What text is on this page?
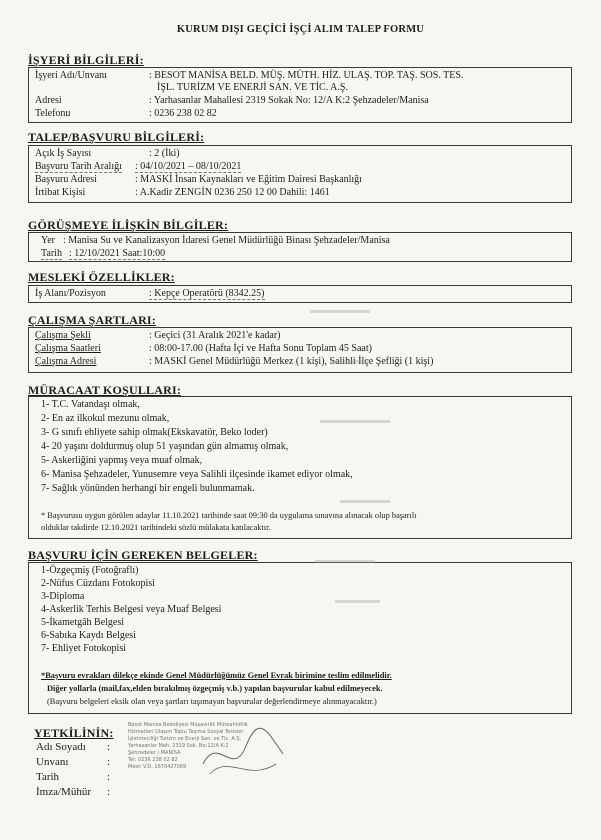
KURUM DIŞI GEÇİCİ İŞÇİ ALIM TALEP FORMU
İŞYERİ BİLGİLERİ:
İşyeri Adı/Unvanı	: BESOT MANİSA BELD. MÜŞ. MÜTH. HİZ. ULAŞ. TOP. TAŞ. SOS. TES.
İŞL. TURİZM VE ENERJİ SAN. VE TİC. A.Ş.
Adresi	: Yarhasanlar Mahallesi 2319 Sokak No: 12/A K:2 Şehzadeler/Manisa
Telefonu	: 0236 238 02 82
TALEP/BAŞVURU BİLGİLERİ:
Açık İş Sayısı	: 2 (İki)
Başvuru Tarih Aralığı : 04/10/2021 – 08/10/2021
Başvuru Adresi	: MASKİ İnsan Kaynakları ve Eğitim Dairesi Başkanlığı
İrtibat Kişisi	: A.Kadir ZENGİN 0236 250 12 00 Dahili: 1461
GÖRÜŞMEYE İLİŞKİN BİLGİLER:
Yer : Manisa Su ve Kanalizasyon İdaresi Genel Müdürlüğü Binası Şehzadeler/Manisa
Tarih : 12/10/2021 Saat:10:00
MESLEKİ ÖZELLİKLER:
İş Alanı/Pozisyon	: Kepçe Operatörü (8342.25)
ÇALIŞMA ŞARTLARI:
Çalışma Şekli	: Geçici (31 Aralık 2021'e kadar)
Çalışma Saatleri	: 08:00-17.00 (Hafta İçi ve Hafta Sonu Toplam 45 Saat)
Çalışma Adresi	: MASKİ Genel Müdürlüğü Merkez (1 kişi), Salihli İlçe Şefliği (1 kişi)
MÜRACAAT KOŞULLARI:
1- T.C. Vatandaşı olmak,
2- En az ilkokul mezunu olmak,
3- G sınıfı ehliyete sahip olmak(Ekskavatör, Beko loder)
4- 20 yaşını doldurmuş olup 51 yaşından gün almamış olmak,
5- Askerliğini yapmış veya muaf olmak,
6- Manisa Şehzadeler, Yunusemre veya Salihli ilçesinde ikamet ediyor olmak,
7- Sağlık yönünden herhangi bir engeli bulunmamak.
* Başvurusu uygun görülen adaylar 11.10.2021 tarihinde saat 09:30 da uygulama sınavına alınacak olup başarılı
olduklar takdirde 12.10.2021 tarihindeki sözlü mülakata katılacaktır.
BAŞVURU İÇİN GEREKEN BELGELER:
1-Özgeçmiş (Fotoğraflı)
2-Nüfus Cüzdanı Fotokopisi
3-Diploma
4-Askerlik Terhis Belgesi veya Muaf Belgesi
5-İkametgâh Belgesi
6-Sabıka Kaydı Belgesi
7- Ehliyet Fotokopisi
*Başvuru evrakları dilekçe ekinde Genel Müdürlüğümüz Genel Evrak birimine teslim edilmelidir.
Diğer yollarla (mail,fax,elden bırakılmış özgeçmiş v.b.) yapılan başvurular kabul edilmeyecek.
(Başvuru belgeleri eksik olan veya şartları taşımayan başvurular değerlendirmeye alınmayacaktır.)
YETKİLİNİN:
Adı Soyadı :
Unvanı	:
Tarih	:
İmza/Mühür :
Besot Manisa Belediyesi Müşavirlik Müteahhitlik
Hizmetleri Ulaşım Toplu Taşıma Sosyal Tesisler
İşletmeciliği Turizm ve Enerji San. ve Tic. A.Ş.
Yarhasanlar Mah. 2319 Sok. No:12/A K:2
Şehzadeler / MANİSA
Tel: 0236 238 02 82
Mesir V.D. 1670427069
